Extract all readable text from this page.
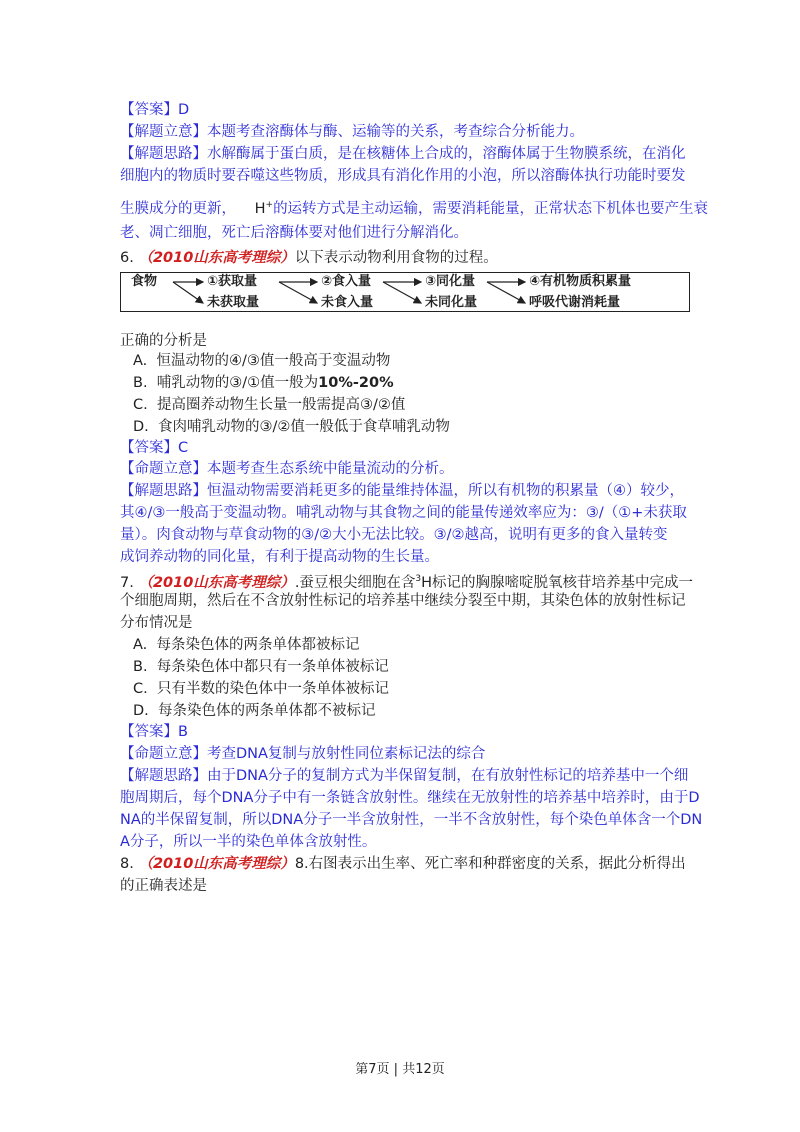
【答案】D
【解题立意】本题考查溶酶体与酶、运输等的关系，考查综合分析能力。
【解题思路】水解酶属于蛋白质，是在核糖体上合成的，溶酶体属于生物膜系统，在消化
细胞内的物质时要吞噬这些物质，形成具有消化作用的小泡，所以溶酶体执行功能时要发
生膜成分的更新， H+的运转方式是主动运输，需要消耗能量，正常状态下机体也要产生衰
老、凋亡细胞，死亡后溶酶体要对他们进行分解消化。
6. （2010山东高考理综）以下表示动物利用食物的过程。
食物	①获取量
未获取量
②食入量
未食入量
③同化量
未同化量
④有机物质积累量
呼吸代谢消耗量
正确的分析是
A. 恒温动物的④/③值一般高于变温动物
B. 哺乳动物的③/①值一般为10%-20%
C. 提高圈养动物生长量一般需提高③/②值
D. 食肉哺乳动物的③/②值一般低于食草哺乳动物
【答案】C
【命题立意】本题考查生态系统中能量流动的分析。
【解题思路】恒温动物需要消耗更多的能量维持体温，所以有机物的积累量（④）较少，
其④/③一般高于变温动物。哺乳动物与其食物之间的能量传递效率应为：③/（①+未获取
量）。肉食动物与草食动物的③/②大小无法比较。③/②越高，说明有更多的食入量转变
成饲养动物的同化量，有利于提高动物的生长量。
7. （2010山东高考理综）.蚕豆根尖细胞在含$^3$H标记的胸腺嘧啶脱氧核苷培养基中完成一
个细胞周期，然后在不含放射性标记的培养基中继续分裂至中期，其染色体的放射性标记
分布情况是
A. 每条染色体的两条单体都被标记
B. 每条染色体中都只有一条单体被标记
C. 只有半数的染色体中一条单体被标记
D. 每条染色体的两条单体都不被标记
【答案】B
【命题立意】考查DNA复制与放射性同位素标记法的综合
【解题思路】由于DNA分子的复制方式为半保留复制，在有放射性标记的培养基中一个细
胞周期后，每个DNA分子中有一条链含放射性。继续在无放射性的培养基中培养时，由于D
NA的半保留复制，所以DNA分子一半含放射性，一半不含放射性，每个染色单体含一个DN
A分子，所以一半的染色单体含放射性。
8. （2010山东高考理综）8.右图表示出生率、死亡率和种群密度的关系，据此分析得出
的正确表述是
第7页 | 共12页
